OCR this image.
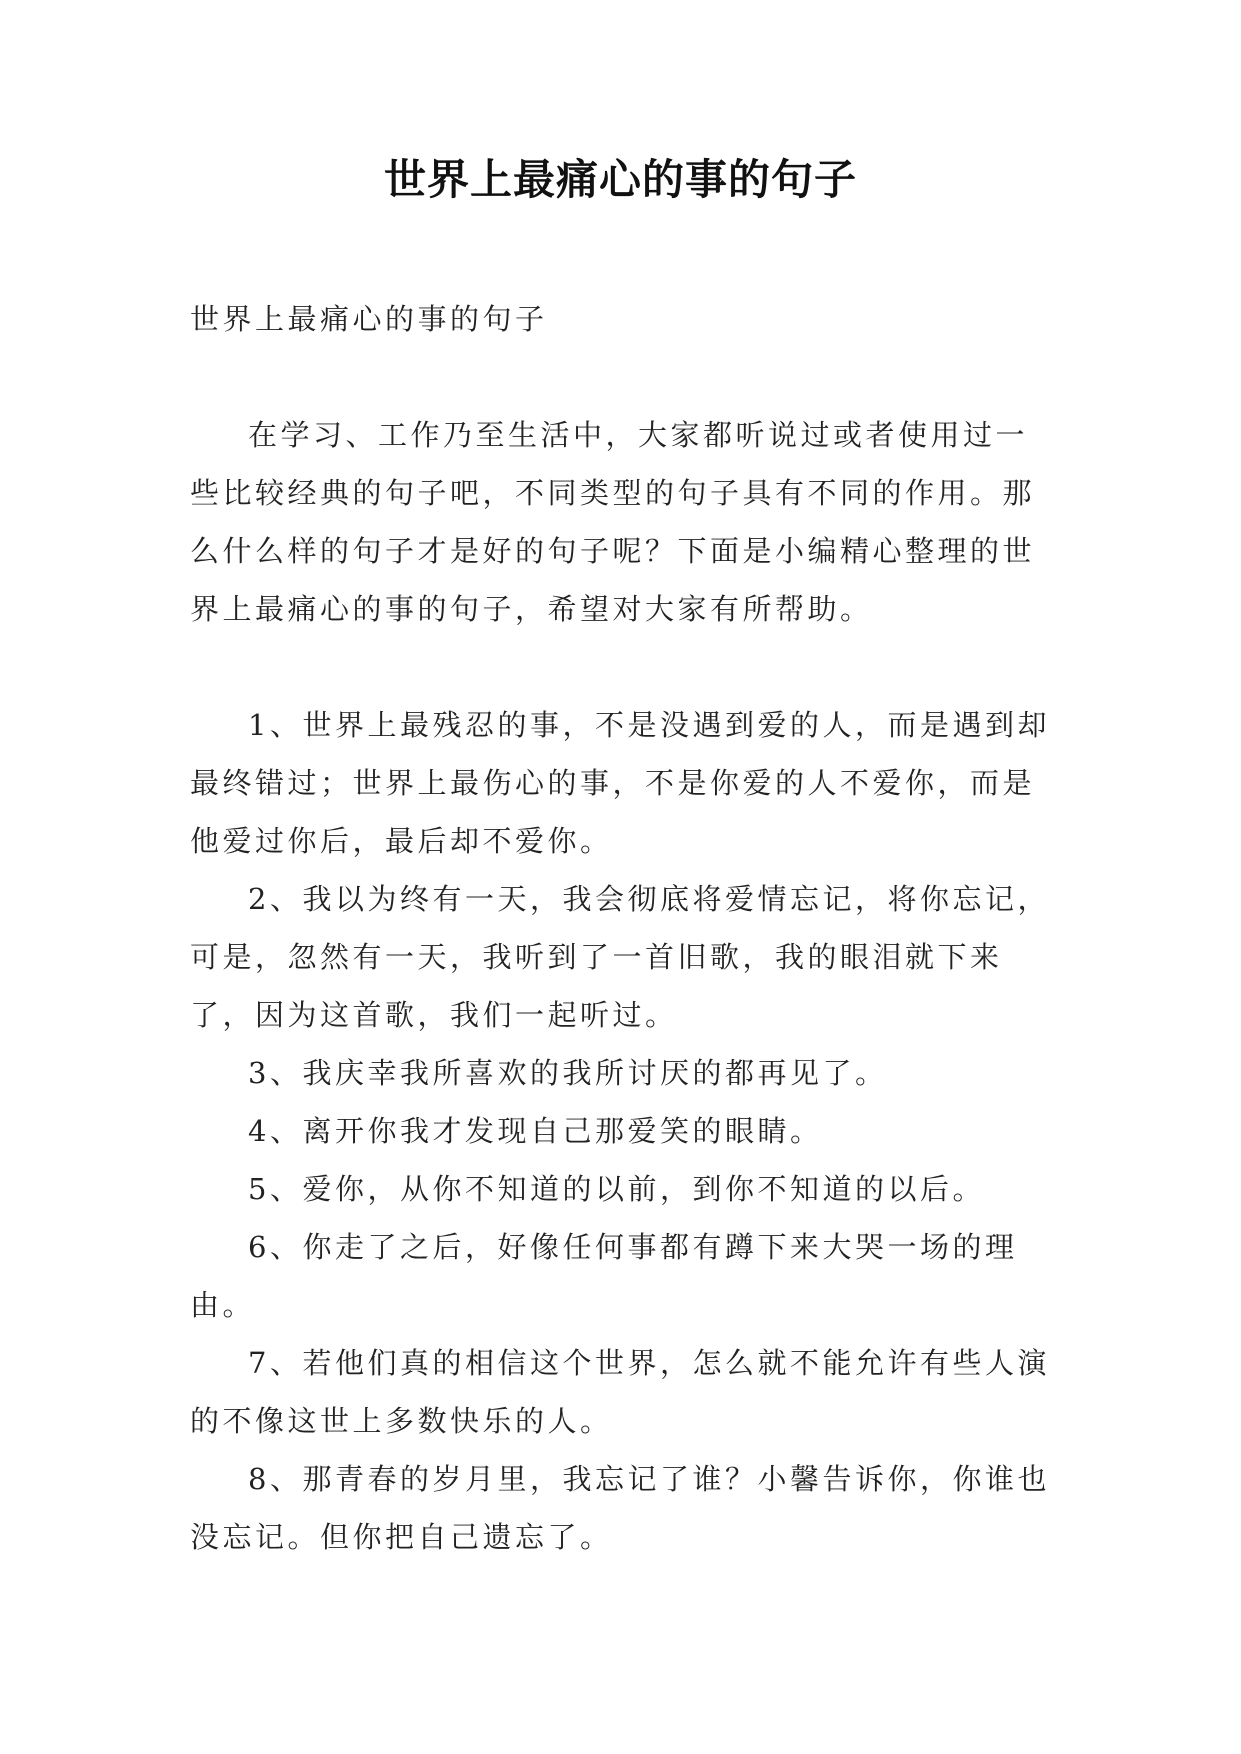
世界上最痛心的事的句子

世界上最痛心的事的句子

在学习、工作乃至生活中，大家都听说过或者使用过一些比较经典的句子吧，不同类型的句子具有不同的作用。那么什么样的句子才是好的句子呢？下面是小编精心整理的世界上最痛心的事的句子，希望对大家有所帮助。

1、世界上最残忍的事，不是没遇到爱的人，而是遇到却最终错过；世界上最伤心的事，不是你爱的人不爱你，而是他爱过你后，最后却不爱你。

2、我以为终有一天，我会彻底将爱情忘记，将你忘记，可是，忽然有一天，我听到了一首旧歌，我的眼泪就下来了，因为这首歌，我们一起听过。

3、我庆幸我所喜欢的我所讨厌的都再见了。

4、离开你我才发现自己那爱笑的眼睛。

5、爱你，从你不知道的以前，到你不知道的以后。

6、你走了之后，好像任何事都有蹲下来大哭一场的理由。

7、若他们真的相信这个世界，怎么就不能允许有些人演的不像这世上多数快乐的人。

8、那青春的岁月里，我忘记了谁？小馨告诉你，你谁也没忘记。但你把自己遗忘了。
